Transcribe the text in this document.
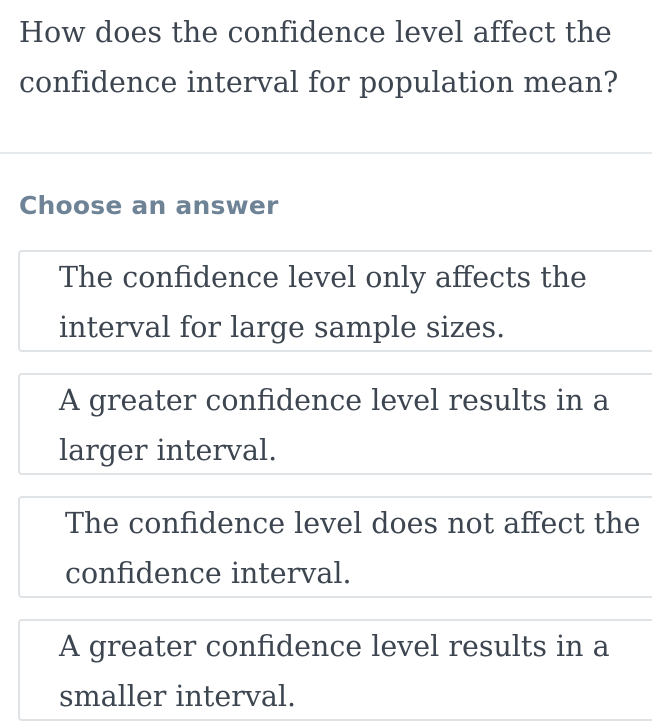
How does the confidence level affect the confidence interval for population mean?
Choose an answer
The confidence level only affects the interval for large sample sizes.
A greater confidence level results in a larger interval.
The confidence level does not affect the confidence interval.
A greater confidence level results in a smaller interval.
